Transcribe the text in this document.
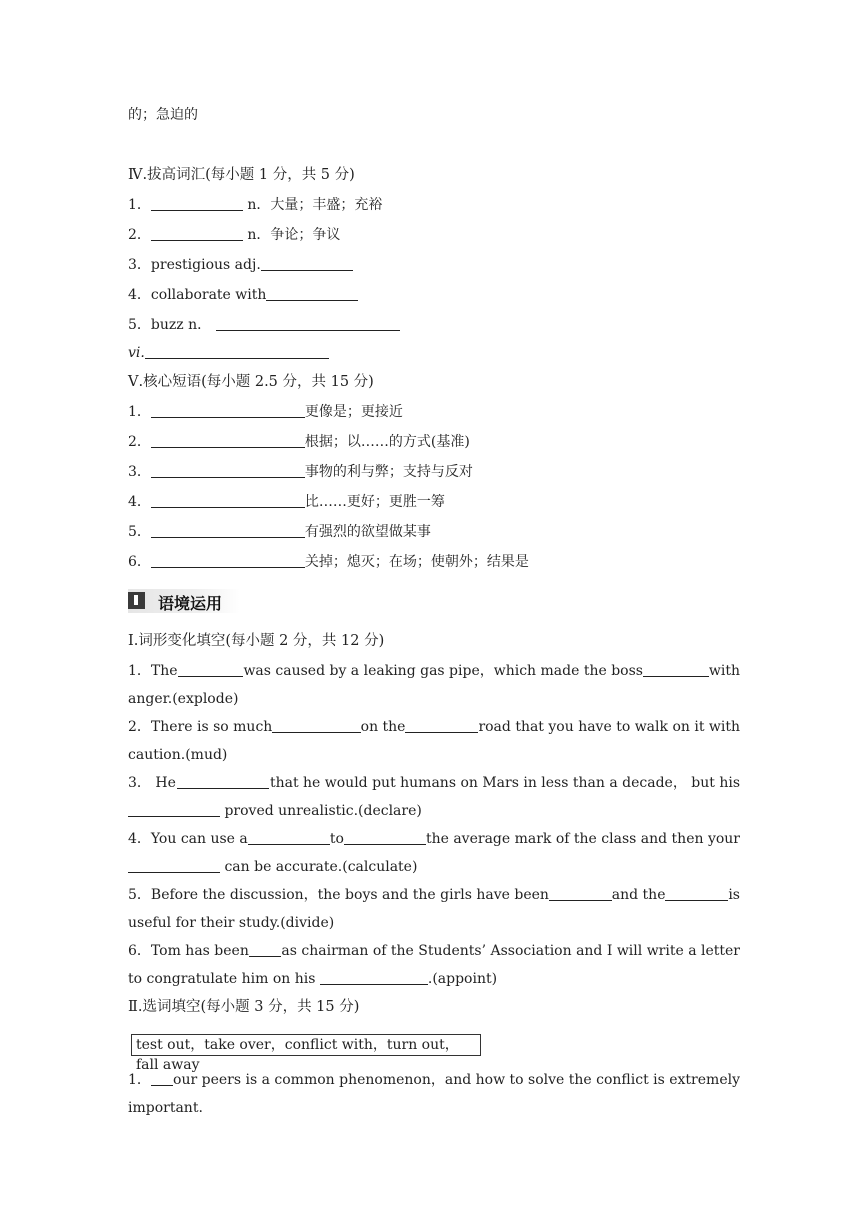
的；急迫的
Ⅳ.拔高词汇(每小题 1 分，共 5 分)
1．	n．大量；丰盛；充裕
2．	n．争论；争议
3．prestigious adj.
4．collaborate with
5．buzz n．
vi.
Ⅴ.核心短语(每小题 2.5 分，共 15 分)
1．	更像是；更接近
2．	根据；以……的方式(基准)
3．	事物的利与弊；支持与反对
4．	比……更好；更胜一筹
5．	有强烈的欲望做某事
6．	关掉；熄灭；在场；使朝外；结果是
语境运用
Ⅰ.词形变化填空(每小题 2 分，共 12 分)
1．The	was caused by a leaking gas pipe，which made the boss	with
anger.(explode)
2．There is so much	on the	road that you have to walk on it with
caution.(mud)
3． He	that he would put humans on Mars in less than a decade， but his
proved unrealistic.(declare)
4．You can use a	to	the average mark of the class and then your
can be accurate.(calculate)
5．Before the discussion，the boys and the girls have been	and the	is
useful for their study.(divide)
6．Tom has been as chairman of the Students’ Association and I will write a letter
to congratulate him on his	.(appoint)
Ⅱ.选词填空(每小题 3 分，共 15 分)
test out，take over，conflict with，turn out，fall away
1． our peers is a common phenomenon，and how to solve the conflict is extremely
important.
